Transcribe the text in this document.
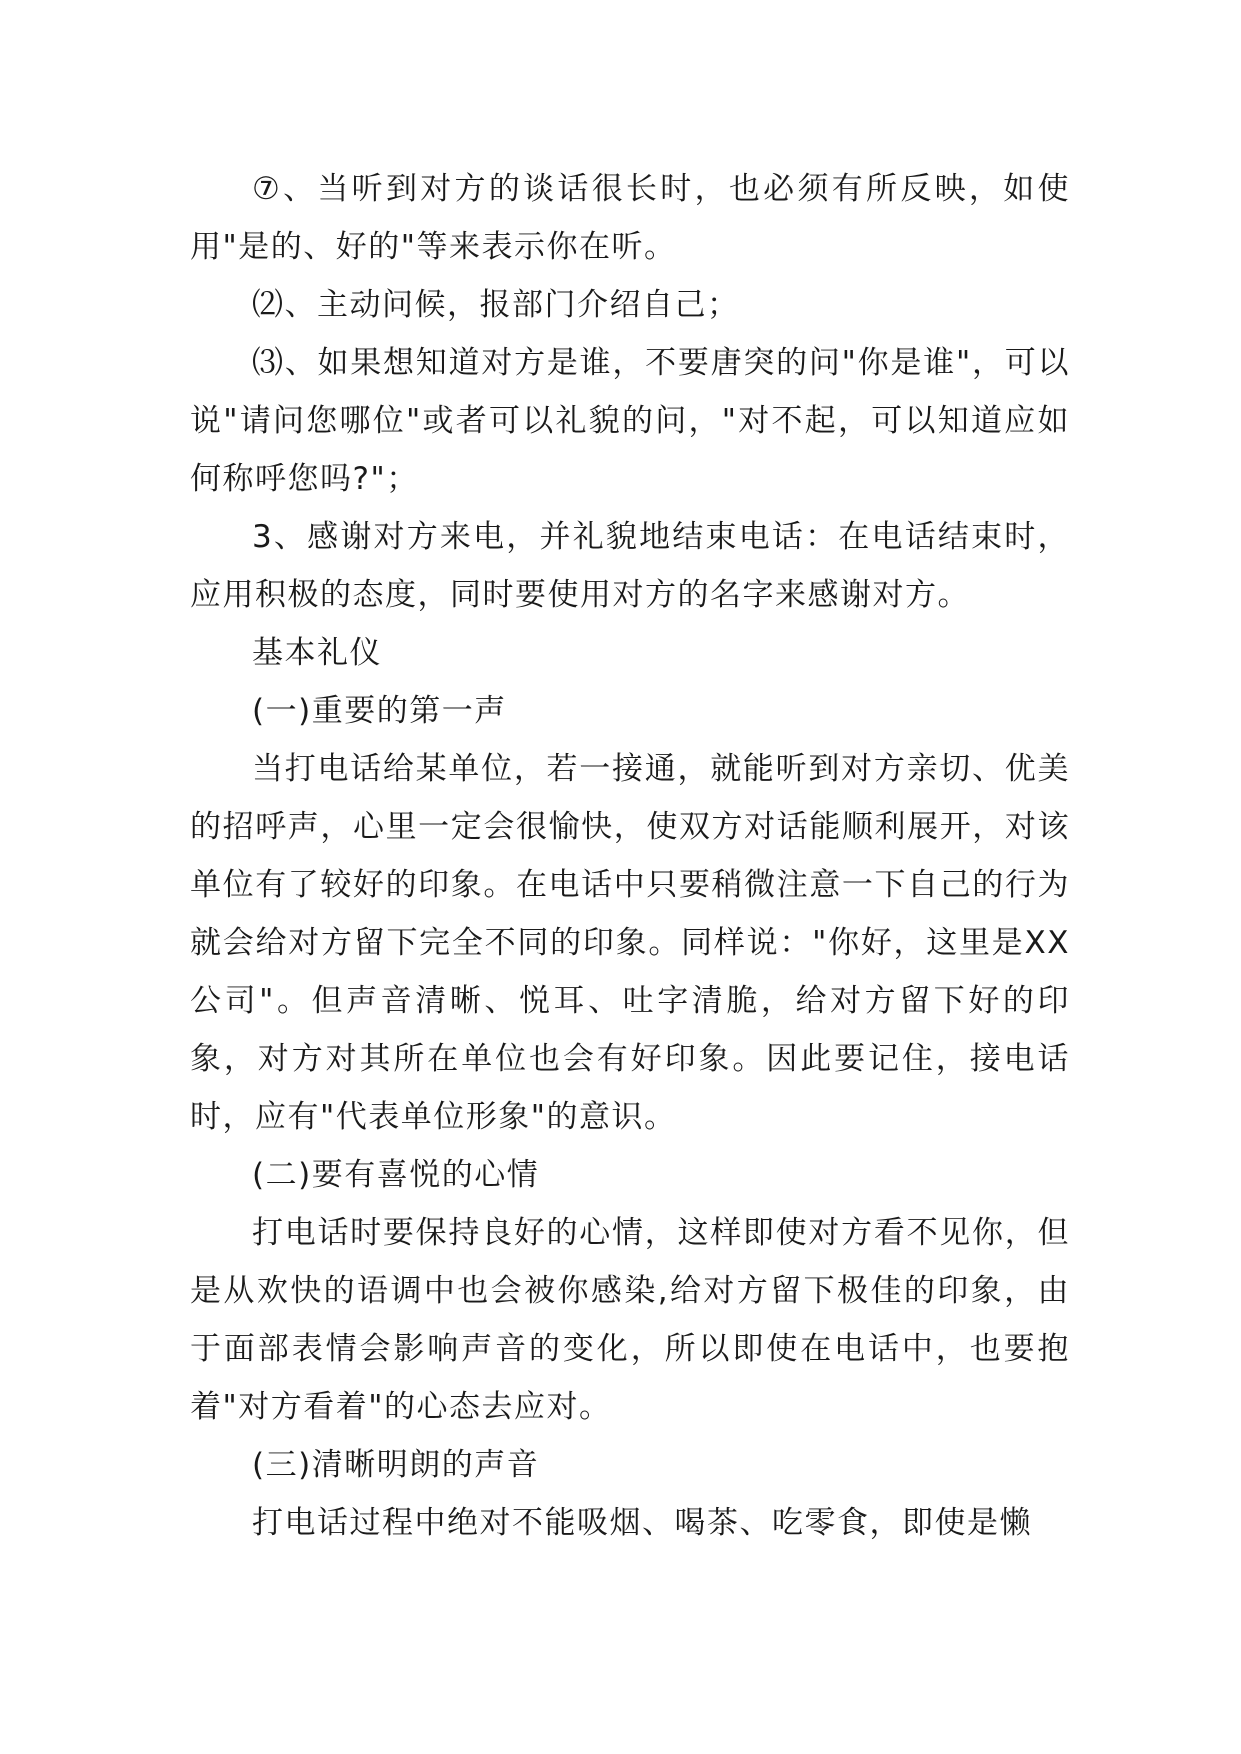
⑦、当听到对方的谈话很长时，也必须有所反映，如使用"是的、好的"等来表示你在听。

⑵、主动问候，报部门介绍自己；

⑶、如果想知道对方是谁，不要唐突的问"你是谁"，可以说"请问您哪位"或者可以礼貌的问，"对不起，可以知道应如何称呼您吗?"；

3、感谢对方来电，并礼貌地结束电话：在电话结束时，应用积极的态度，同时要使用对方的名字来感谢对方。

基本礼仪

(一)重要的第一声

当打电话给某单位，若一接通，就能听到对方亲切、优美的招呼声，心里一定会很愉快，使双方对话能顺利展开，对该单位有了较好的印象。在电话中只要稍微注意一下自己的行为就会给对方留下完全不同的印象。同样说："你好，这里是XX公司"。但声音清晰、悦耳、吐字清脆，给对方留下好的印象，对方对其所在单位也会有好印象。因此要记住，接电话时，应有"代表单位形象"的意识。

(二)要有喜悦的心情

打电话时要保持良好的心情，这样即使对方看不见你，但是从欢快的语调中也会被你感染,给对方留下极佳的印象，由于面部表情会影响声音的变化，所以即使在电话中，也要抱着"对方看着"的心态去应对。

(三)清晰明朗的声音

打电话过程中绝对不能吸烟、喝茶、吃零食，即使是懒
